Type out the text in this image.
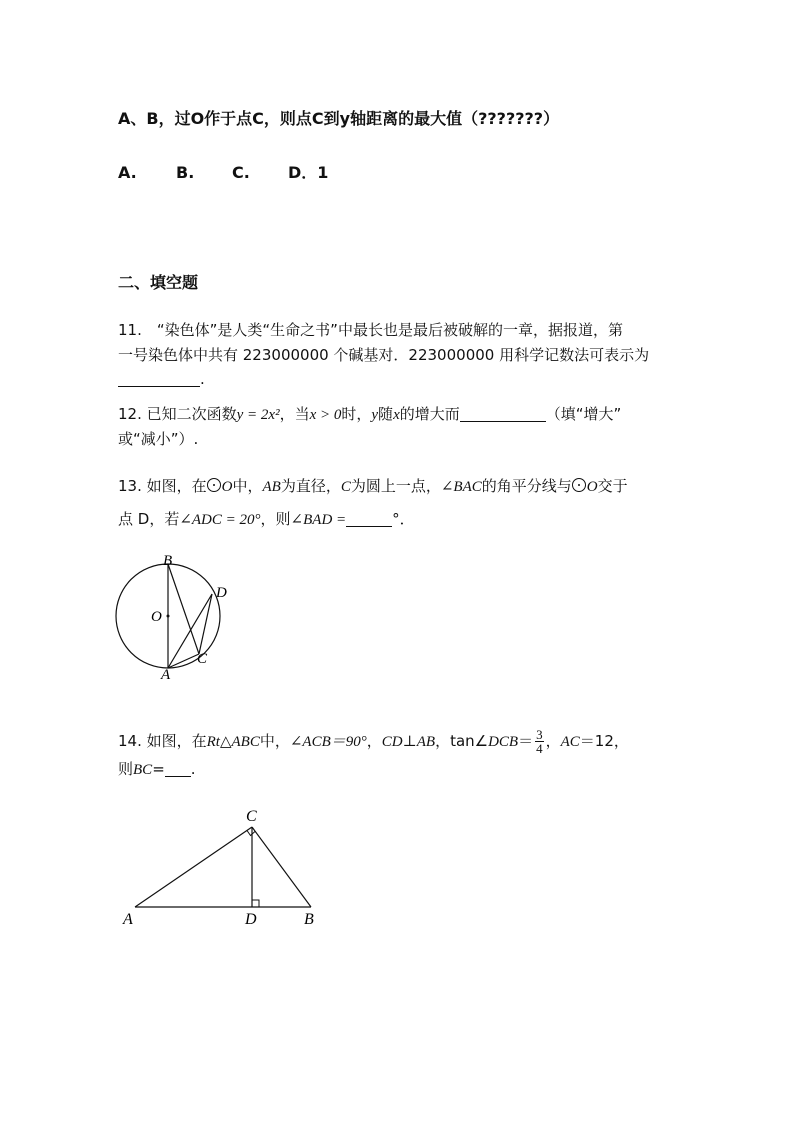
A、B，过O作于点C，则点C到y轴距离的最大值（???????）
A. B. C. D．1
二、填空题
11.　“染色体”是人类“生命之书”中最长也是最后被破解的一章，据报道，第
一号染色体中共有 223000000 个碱基对．223000000 用科学记数法可表示为
.
12. 已知二次函数y = 2x²，当x > 0时，y随x的增大而	（填“增大”
或“减小”）.
13. 如图，在 O中，AB为直径，C为圆上一点，∠BAC的角平分线与 O交于
点 D，若∠ADC = 20°，则∠BAD =	°．
B
D
O
C
A
14. 如图，在Rt△ABC中，∠ACB＝90°，CD⊥AB，tan∠DCB＝ $\frac{3}{4}$ ，AC＝12，
则BC= .
C
A	D	B
